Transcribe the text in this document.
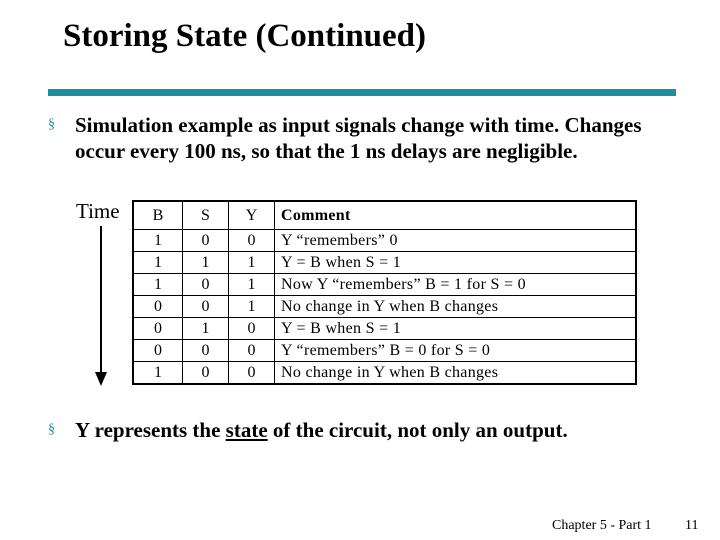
Storing State (Continued)
§ Simulation example as input signals change with time. Changes occur every 100 ns, so that the 1 ns delays are negligible.
Time B	S	Y	Comment
1	0	0	Y “remembers” 0
1	1	1	Y = B when S = 1
1	0	1	Now Y “remembers” B = 1 for S = 0
0	0	1	No change in Y when B changes
0	1	0	Y = B when S = 1
0	0	0	Y “remembers” B = 0 for S = 0
1	0	0	No change in Y when B changes
§ Y represents the state of the circuit, not only an output.
Chapter 5 - Part 1 11
